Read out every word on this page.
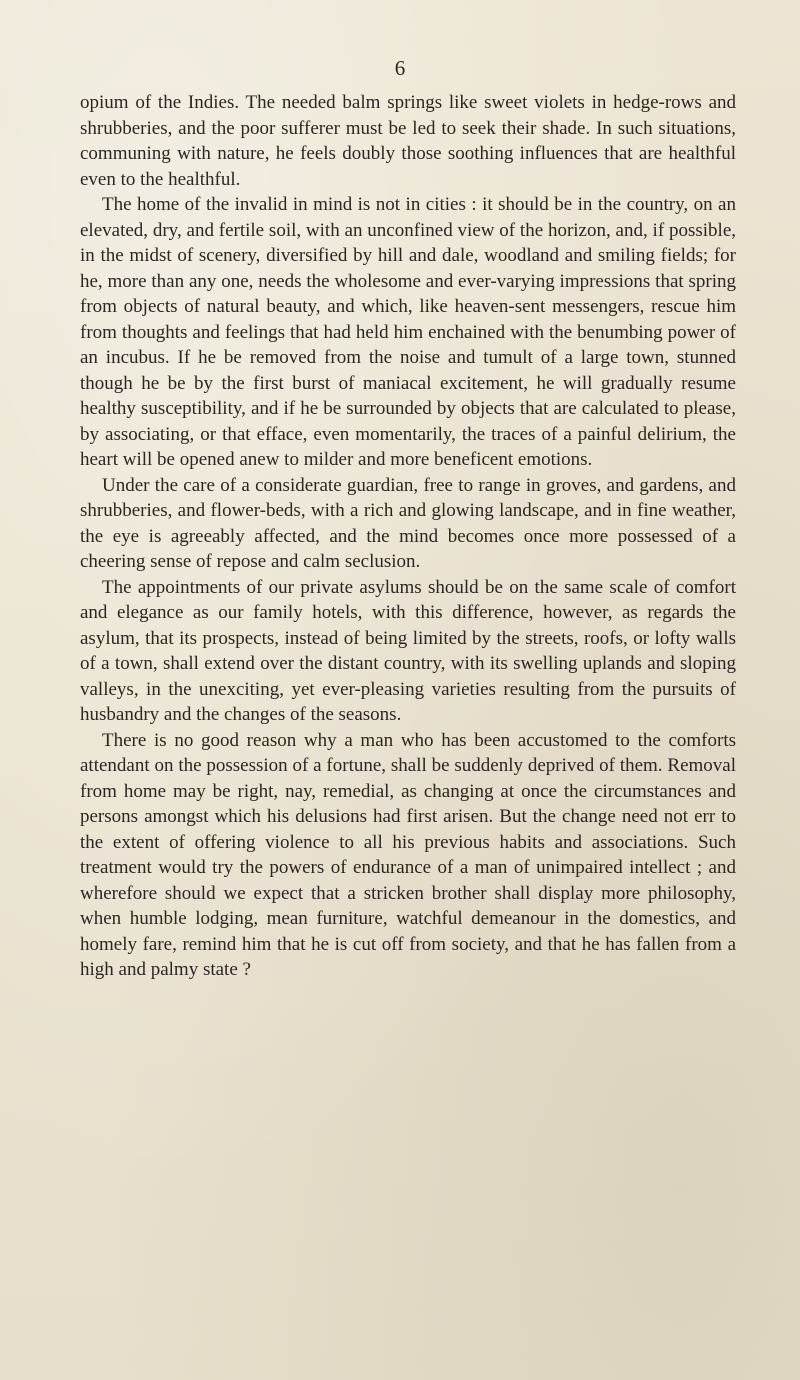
6

opium of the Indies. The needed balm springs like sweet violets in hedge-rows and shrubberies, and the poor sufferer must be led to seek their shade. In such situations, communing with nature, he feels doubly those soothing influences that are healthful even to the healthful.

The home of the invalid in mind is not in cities : it should be in the country, on an elevated, dry, and fertile soil, with an unconfined view of the horizon, and, if possible, in the midst of scenery, diversified by hill and dale, woodland and smiling fields; for he, more than any one, needs the wholesome and ever-varying impressions that spring from objects of natural beauty, and which, like heaven-sent messengers, rescue him from thoughts and feelings that had held him enchained with the benumbing power of an incubus. If he be removed from the noise and tumult of a large town, stunned though he be by the first burst of maniacal excitement, he will gradually resume healthy susceptibility, and if he be surrounded by objects that are calculated to please, by associating, or that efface, even momentarily, the traces of a painful delirium, the heart will be opened anew to milder and more beneficent emotions.

Under the care of a considerate guardian, free to range in groves, and gardens, and shrubberies, and flower-beds, with a rich and glowing landscape, and in fine weather, the eye is agreeably affected, and the mind becomes once more possessed of a cheering sense of repose and calm seclusion.

The appointments of our private asylums should be on the same scale of comfort and elegance as our family hotels, with this difference, however, as regards the asylum, that its prospects, instead of being limited by the streets, roofs, or lofty walls of a town, shall extend over the distant country, with its swelling uplands and sloping valleys, in the unexciting, yet ever-pleasing varieties resulting from the pursuits of husbandry and the changes of the seasons.

There is no good reason why a man who has been accustomed to the comforts attendant on the possession of a fortune, shall be suddenly deprived of them. Removal from home may be right, nay, remedial, as changing at once the circumstances and persons amongst which his delusions had first arisen. But the change need not err to the extent of offering violence to all his previous habits and associations. Such treatment would try the powers of endurance of a man of unimpaired intellect ; and wherefore should we expect that a stricken brother shall display more philosophy, when humble lodging, mean furniture, watchful demeanour in the domestics, and homely fare, remind him that he is cut off from society, and that he has fallen from a high and palmy state ?
